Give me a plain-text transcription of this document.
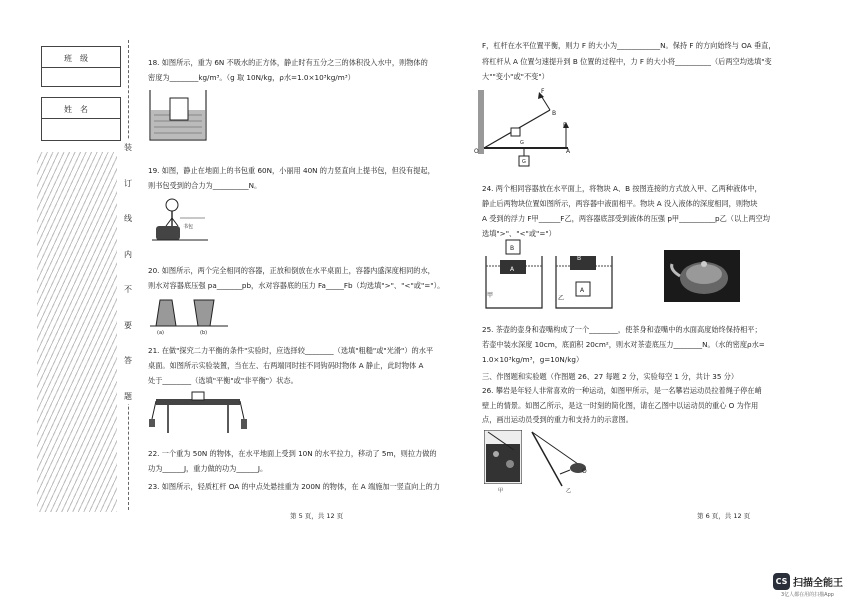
班　级
姓　名
装
订
线
内
不
要
答
题
18. 如图所示，重为 6N 不吸水的正方体，静止时有五分之三的体积没入水中，则物体的
密度为________kg/m³。（g 取 10N/kg，ρ水=1.0×10³kg/m³）
19. 如图，静止在地面上的书包重 60N，小丽用 40N 的力竖直向上提书包，但没有提起，
则书包受到的合力为__________N。
书包
20. 如图所示，两个完全相同的容器，正放和倒放在水平桌面上，容器内盛深度相同的水，
则水对容器底压强 pa_______pb，水对容器底的压力 Fa_____Fb（均选填">"、"<"或"="）。
(a)	(b)
21. 在做"探究二力平衡的条件"实验时，应选择较________（选填"粗糙"或"光滑"）的水平
桌面。如图所示实验装置，当在左、右两端同时挂不同钩码时物体 A 静止，此时物体 A
处于________（选填"平衡"或"非平衡"）状态。
22. 一个重为 50N 的物体，在水平地面上受到 10N 的水平拉力，移动了 5m，则拉力做的
功为______J，重力做的功为______J。
23. 如图所示，轻质杠杆 OA 的中点处悬挂重为 200N 的物体，在 A 端施加一竖直向上的力
第 5 页，共 12 页
F，杠杆在水平位置平衡，则力 F 的大小为____________N。保持 F 的方向始终与 OA 垂直，
将杠杆从 A 位置匀速提升到 B 位置的过程中，力 F 的大小将__________（后两空均选填"变
大""变小"或"不变"）
F
B
F
O	A
G
G
24. 两个相同容器放在水平面上，将物块 A、B 按图连接的方式放入甲、乙两种液体中，
静止后两物块位置如图所示，两容器中液面相平。物块 A 没入液体的深度相同，则物块
A 受到的浮力 F甲______F乙，两容器底部受到液体的压强 p甲__________p乙（以上两空均
选填">"、"<"或"="）
B
A
甲
B
乙
A
25. 茶壶的壶身和壶嘴构成了一个________，使茶身和壶嘴中的水面高度始终保持相平；
若壶中装水深度 10cm，底面积 20cm²，则水对茶壶底压力________N。（水的密度ρ水=
1.0×10³kg/m³，g=10N/kg）
三、作图题和实验题（作图题 26、27 每题 2 分，实验每空 1 分，共计 35 分）
26. 攀岩是年轻人非常喜欢的一种运动，如图甲所示，是一名攀岩运动员拉着绳子停在峭
壁上的情景。如图乙所示，是这一时刻的简化图，请在乙图中以运动员的重心 O 为作用
点，画出运动员受到的重力和支持力的示意图。
甲	乙
O
第 6 页，共 12 页
CS 扫描全能王
3亿人都在用的扫描App
